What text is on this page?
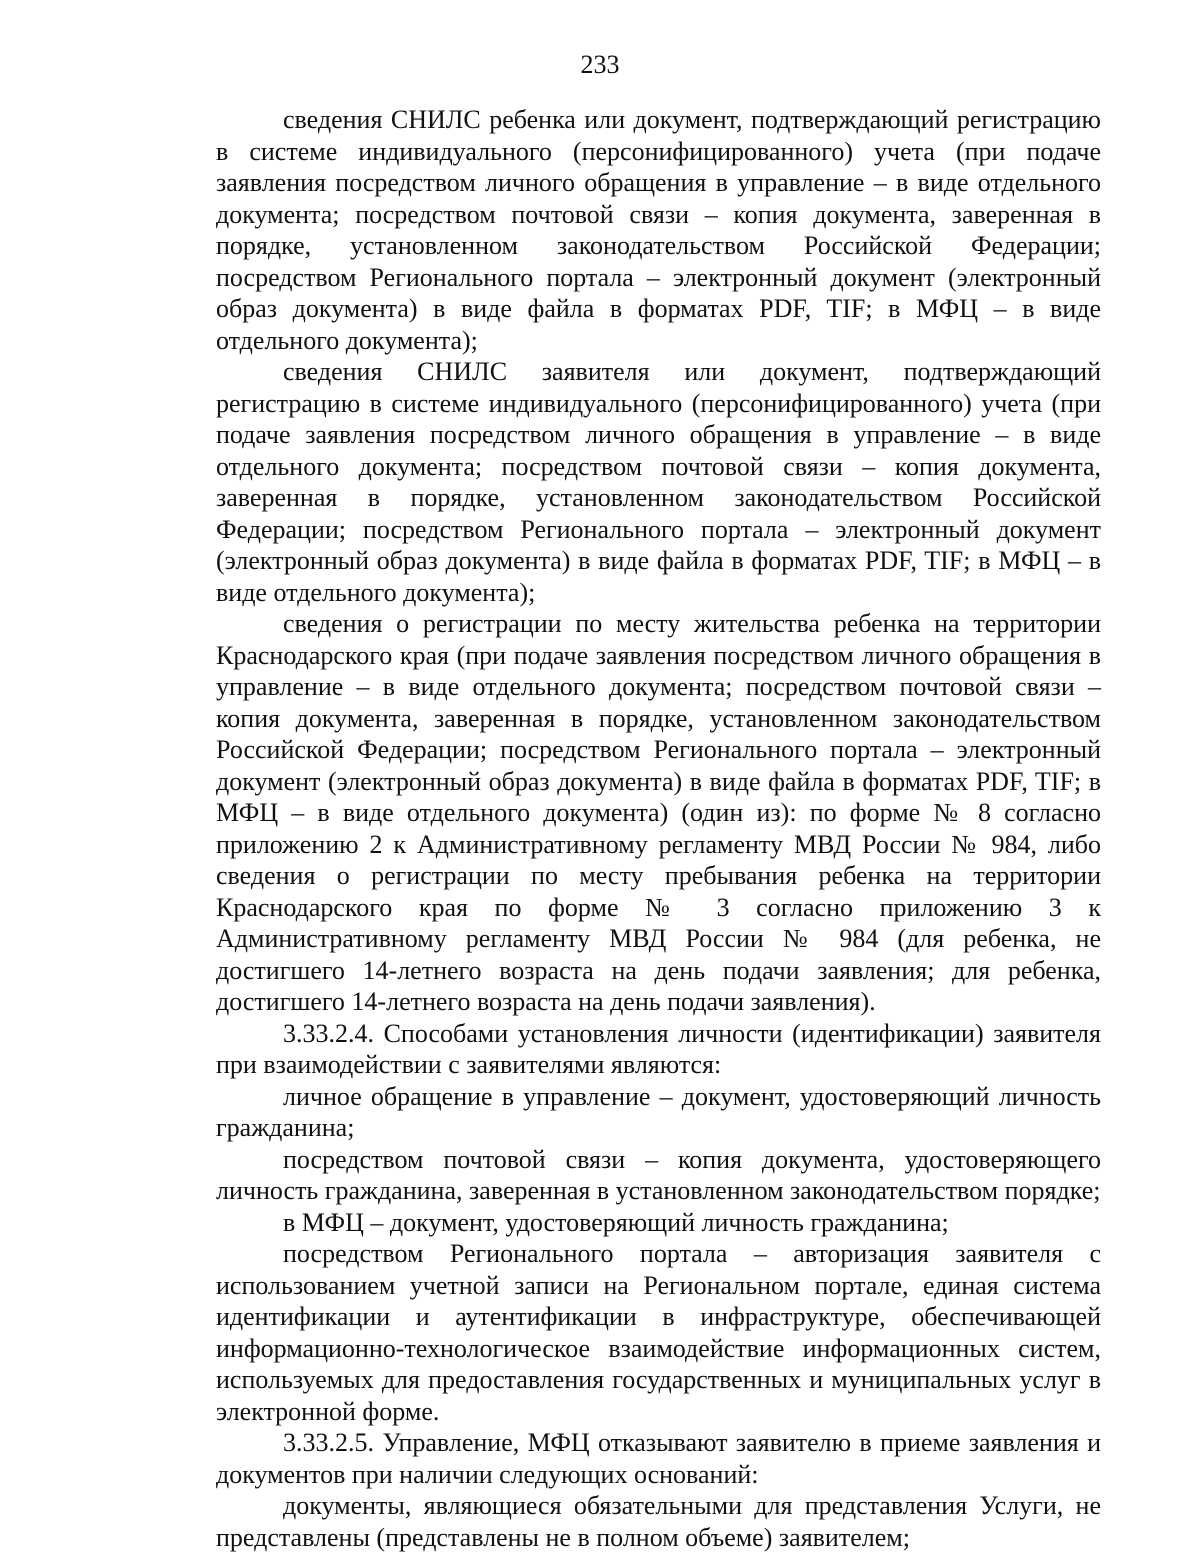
233

сведения СНИЛС ребенка или документ, подтверждающий регистрацию в системе индивидуального (персонифицированного) учета (при подаче заявления посредством личного обращения в управление – в виде отдельного документа; посредством почтовой связи – копия документа, заверенная в порядке, установленном законодательством Российской Федерации; посредством Регионального портала – электронный документ (электронный образ документа) в виде файла в форматах PDF, TIF; в МФЦ – в виде отдельного документа);

сведения СНИЛС заявителя или документ, подтверждающий регистрацию в системе индивидуального (персонифицированного) учета (при подаче заявления посредством личного обращения в управление – в виде отдельного документа; посредством почтовой связи – копия документа, заверенная в порядке, установленном законодательством Российской Федерации; посредством Регионального портала – электронный документ (электронный образ документа) в виде файла в форматах PDF, TIF; в МФЦ – в виде отдельного документа);

сведения о регистрации по месту жительства ребенка на территории Краснодарского края (при подаче заявления посредством личного обращения в управление – в виде отдельного документа; посредством почтовой связи – копия документа, заверенная в порядке, установленном законодательством Российской Федерации; посредством Регионального портала – электронный документ (электронный образ документа) в виде файла в форматах PDF, TIF; в МФЦ – в виде отдельного документа) (один из): по форме № 8 согласно приложению 2 к Административному регламенту МВД России № 984, либо сведения о регистрации по месту пребывания ребенка на территории Краснодарского края по форме № 3 согласно приложению 3 к Административному регламенту МВД России № 984 (для ребенка, не достигшего 14-летнего возраста на день подачи заявления; для ребенка, достигшего 14-летнего возраста на день подачи заявления).

3.33.2.4. Способами установления личности (идентификации) заявителя при взаимодействии с заявителями являются:

личное обращение в управление – документ, удостоверяющий личность гражданина;

посредством почтовой связи – копия документа, удостоверяющего личность гражданина, заверенная в установленном законодательством порядке;

в МФЦ – документ, удостоверяющий личность гражданина;

посредством Регионального портала – авторизация заявителя с использованием учетной записи на Региональном портале, единая система идентификации и аутентификации в инфраструктуре, обеспечивающей информационно-технологическое взаимодействие информационных систем, используемых для предоставления государственных и муниципальных услуг в электронной форме.

3.33.2.5. Управление, МФЦ отказывают заявителю в приеме заявления и документов при наличии следующих оснований:

документы, являющиеся обязательными для представления Услуги, не представлены (представлены не в полном объеме) заявителем;
